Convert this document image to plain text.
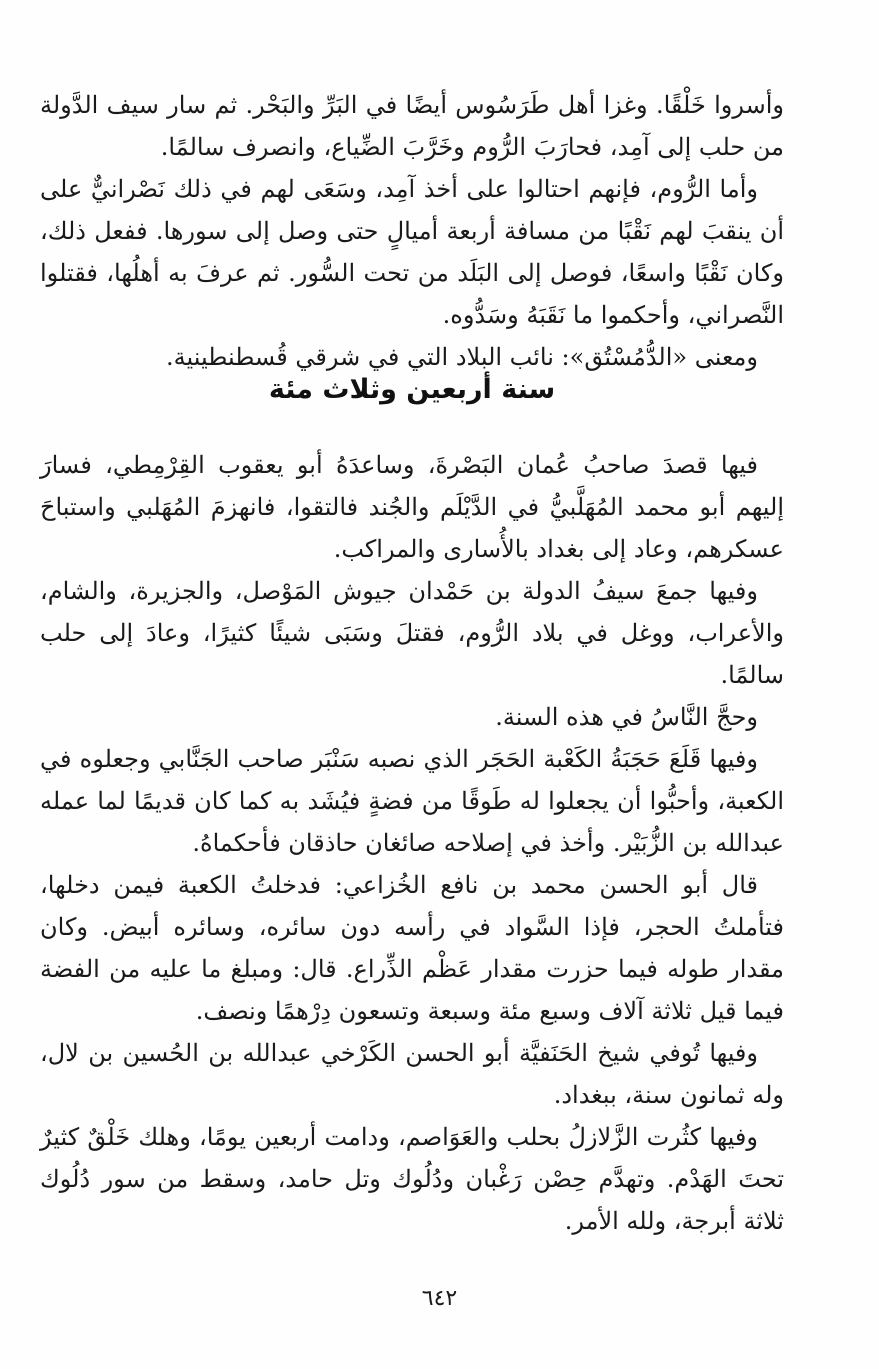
وأسروا خَلْقًا. وغزا أهل طَرَسُوس أيضًا في البَرِّ والبَحْر. ثم سار سيف الدَّولة من حلب إلى آمِد، فحارَبَ الرُّوم وخَرَّبَ الضِّياع، وانصرف سالمًا.

وأما الرُّوم، فإنهم احتالوا على أخذ آمِد، وسَعَى لهم في ذلك نَصْرانيٌّ على أن ينقبَ لهم نَقْبًا من مسافة أربعة أميالٍ حتى وصل إلى سورها. ففعل ذلك، وكان نَقْبًا واسعًا، فوصل إلى البَلَد من تحت السُّور. ثم عرفَ به أهلُها، فقتلوا النَّصراني، وأحكموا ما نَقَبَهُ وسَدُّوه.

ومعنى «الدُّمُسْتُق»: نائب البلاد التي في شرقي قُسطنطينية.

سنة أربعين وثلاث مئة

فيها قصدَ صاحبُ عُمان البَصْرةَ، وساعدَهُ أبو يعقوب القِرْمِطي، فسارَ إليهم أبو محمد المُهَلَّبيُّ في الدَّيْلَم والجُند فالتقوا، فانهزمَ المُهَلبي واستباحَ عسكرهم، وعاد إلى بغداد بالأُسارى والمراكب.

وفيها جمعَ سيفُ الدولة بن حَمْدان جيوش المَوْصل، والجزيرة، والشام، والأعراب، ووغل في بلاد الرُّوم، فقتلَ وسَبَى شيئًا كثيرًا، وعادَ إلى حلب سالمًا.

وحجَّ النَّاسُ في هذه السنة.

وفيها قَلَعَ حَجَبَةُ الكَعْبة الحَجَر الذي نصبه سَنْبَر صاحب الجَنَّابي وجعلوه في الكعبة، وأحبُّوا أن يجعلوا له طَوقًا من فضةٍ فيُشَد به كما كان قديمًا لما عمله عبدالله بن الزُّبَيْر. وأخذ في إصلاحه صائغان حاذقان فأحكماهُ.

قال أبو الحسن محمد بن نافع الخُزاعي: فدخلتُ الكعبة فيمن دخلها، فتأملتُ الحجر، فإذا السَّواد في رأسه دون سائره، وسائره أبيض. وكان مقدار طوله فيما حزرت مقدار عَظْم الذِّراع. قال: ومبلغ ما عليه من الفضة فيما قيل ثلاثة آلاف وسبع مئة وسبعة وتسعون دِرْهمًا ونصف.

وفيها تُوفي شيخ الحَنَفيَّة أبو الحسن الكَرْخي عبدالله بن الحُسين بن لال، وله ثمانون سنة، ببغداد.

وفيها كثُرت الزَّلازلُ بحلب والعَوَاصم، ودامت أربعين يومًا، وهلك خَلْقٌ كثيرٌ تحتَ الهَدْم. وتهدَّم حِصْن رَغْبان ودُلُوك وتل حامد، وسقط من سور دُلُوك ثلاثة أبرجة، ولله الأمر.

٦٤٢
